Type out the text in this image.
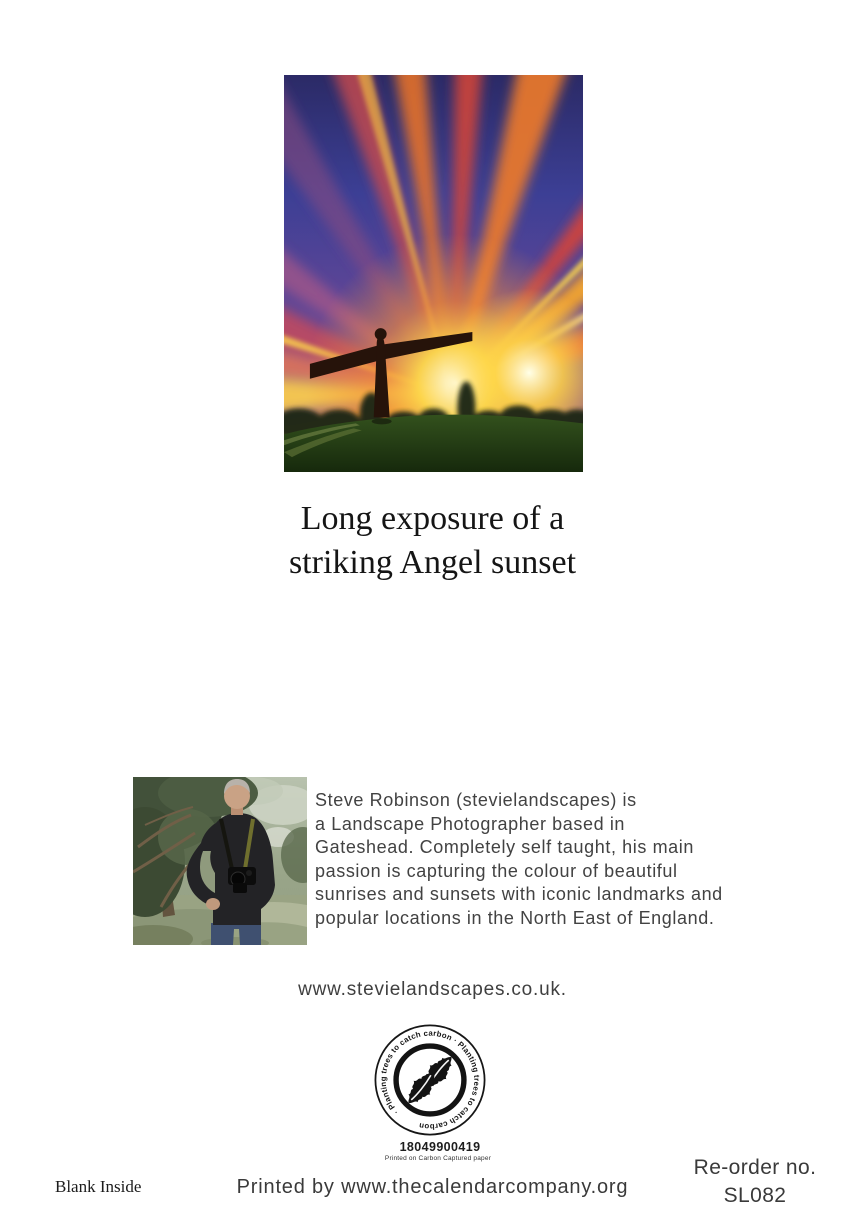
Long exposure of a
striking Angel sunset
Steve Robinson (stevielandscapes) is
a Landscape Photographer based in
Gateshead. Completely self taught, his main
passion is capturing the colour of beautiful
sunrises and sunsets with iconic landmarks and
popular locations in the North East of England.
www.stevielandscapes.co.uk.
· Planting trees to catch carbon · Planting trees to catch carbon
18049900419
Printed on Carbon Captured paper
Blank Inside	Printed by www.thecalendarcompany.org
Re-order no.
SL082
